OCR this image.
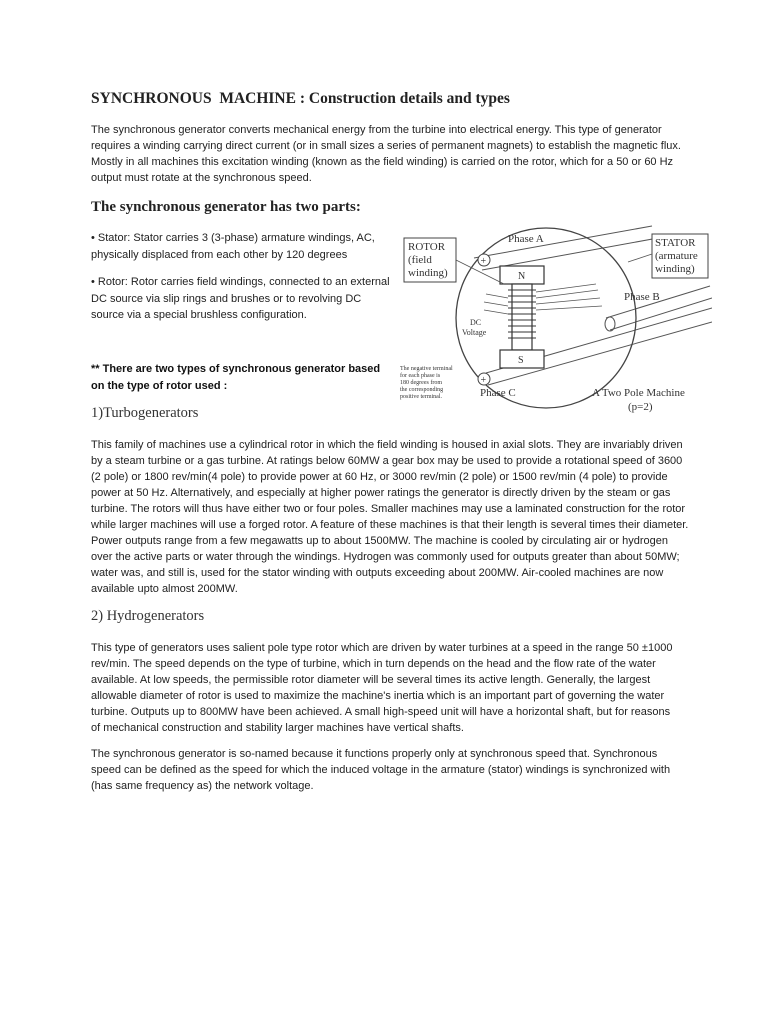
SYNCHRONOUS  MACHINE : Construction details and types
The synchronous generator converts mechanical energy from the turbine into electrical energy. This type of generator requires a winding carrying direct current (or in small sizes a series of permanent magnets) to establish the magnetic flux. Mostly in all machines this excitation winding (known as the field winding) is carried on the rotor, which for a 50 or 60 Hz output must rotate at the synchronous speed.
The synchronous generator has two parts:
• Stator: Stator carries 3 (3-phase) armature windings, AC, physically displaced from each other by 120 degrees
• Rotor: Rotor carries field windings, connected to an external DC source via slip rings and brushes or to revolving DC source via a special brushless configuration.
** There are two types of synchronous generator based on the type of rotor used :
1)Turbogenerators
This family of machines use a cylindrical rotor in which the field winding is housed in axial slots. They are invariably driven by a steam turbine or a gas turbine. At ratings below 60MW a gear box may be used to provide a rotational speed of 3600 (2 pole) or 1800 rev/min(4 pole) to provide power at 60 Hz, or 3000 rev/min (2 pole) or 1500 rev/min (4 pole) to provide power at 50 Hz. Alternatively, and especially at higher power ratings the generator is directly driven by the steam or gas turbine. The rotors will thus have either two or four poles. Smaller machines may use a laminated construction for the rotor while larger machines will use a forged rotor. A feature of these machines is that their length is several times their diameter. Power outputs range from a few megawatts up to about 1500MW. The machine is cooled by circulating air or hydrogen over the active parts or water through the windings. Hydrogen was commonly used for outputs greater than about 50MW; water was, and still is, used for the stator winding with outputs exceeding about 200MW. Air-cooled machines are now available upto almost 200MW.
2) Hydrogenerators
This type of generators uses salient pole type rotor which are driven by water turbines at a speed in the range 50 ±1000 rev/min. The speed depends on the type of turbine, which in turn depends on the head and the flow rate of the water available. At low speeds, the permissible rotor diameter will be several times its active length. Generally, the largest allowable diameter of rotor is used to maximize the machine's inertia which is an important part of governing the water turbine. Outputs up to 800MW have been achieved. A small high-speed unit will have a horizontal shaft, but for reasons of mechanical construction and stability larger machines have vertical shafts.
The synchronous generator is so-named because it functions properly only at synchronous speed that. Synchronous speed can be defined as the speed for which the induced voltage in the armature (stator) windings is synchronized with (has same frequency as) the network voltage.
ROTOR
(field
winding)
STATOR
(armature
winding)
Phase A
Phase B
Phase C
+
+
N
S
DC
Voltage
The negative terminal
for each phase is
180 degrees from
the corresponding
positive terminal.	A Two Pole Machine
(p=2)
